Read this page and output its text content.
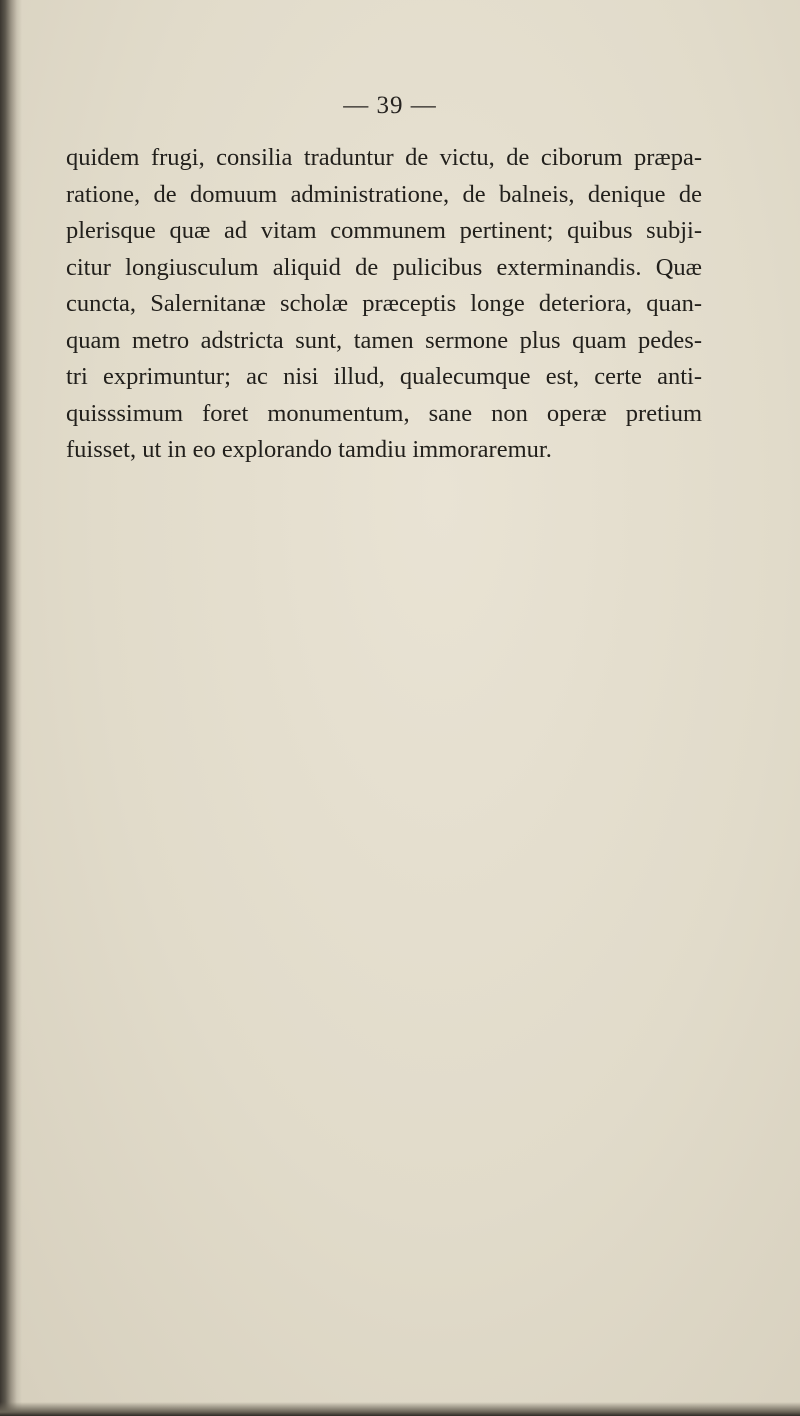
— 39 —
quidem frugi, consilia traduntur de victu, de ciborum præpa-
ratione, de domuum administratione, de balneis, denique de
plerisque quæ ad vitam communem pertinent; quibus subji-
citur longiusculum aliquid de pulicibus exterminandis. Quæ
cuncta, Salernitanæ scholæ præceptis longe deteriora, quan-
quam metro adstricta sunt, tamen sermone plus quam pedes-
tri exprimuntur; ac nisi illud, qualecumque est, certe anti-
quisssimum foret monumentum, sane non operæ pretium
fuisset, ut in eo explorando tamdiu immoraremur.
